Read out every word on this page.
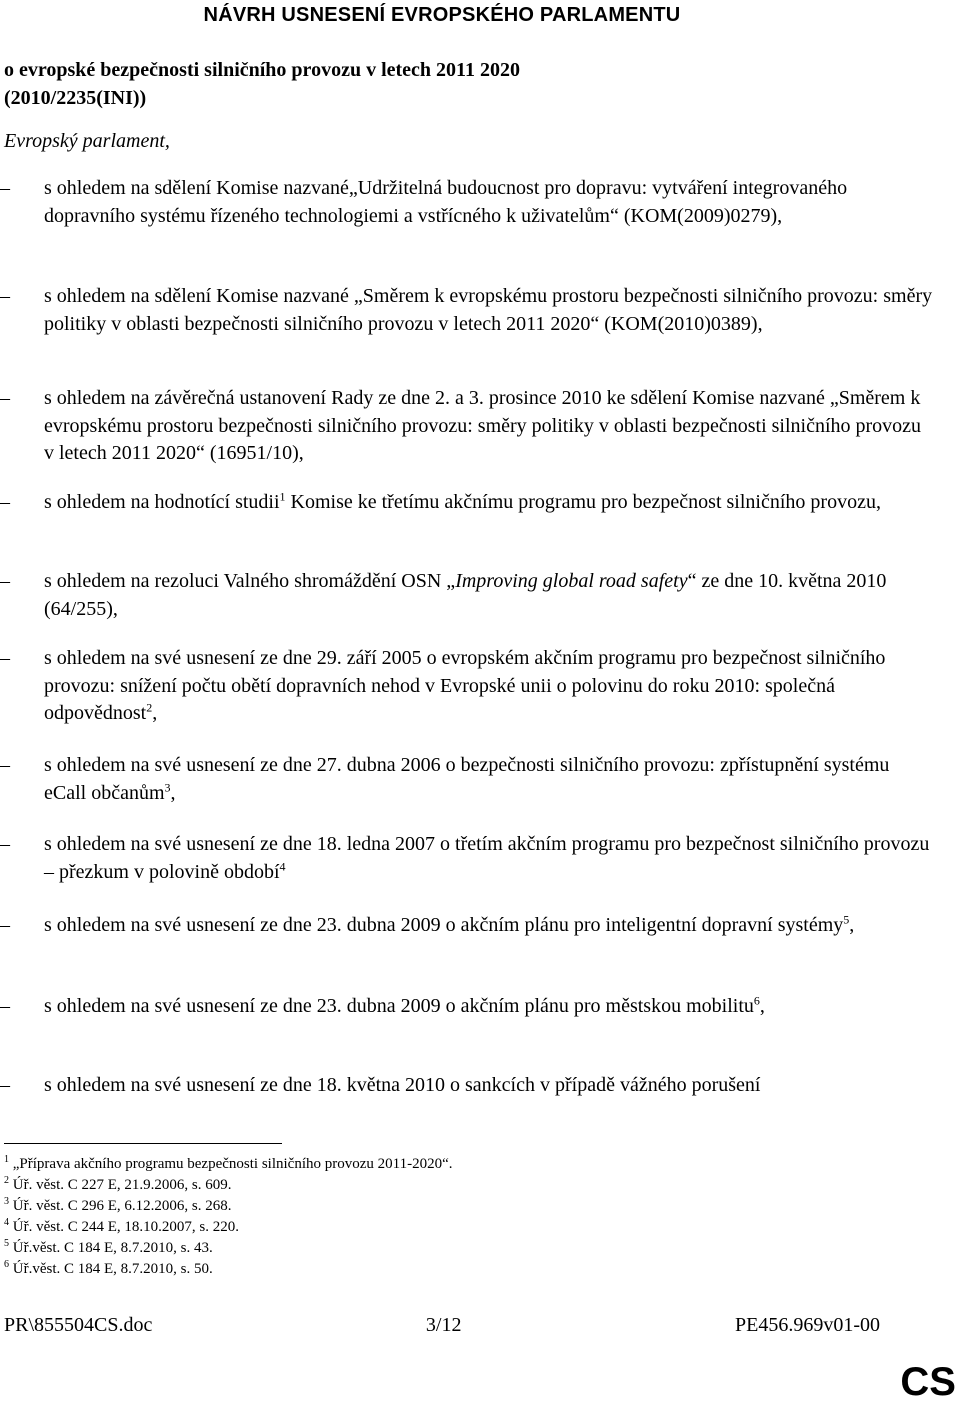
NÁVRH USNESENÍ EVROPSKÉHO PARLAMENTU
o evropské bezpečnosti silničního provozu v letech 2011 2020
(2010/2235(INI))
Evropský parlament,
–	s ohledem na sdělení Komise nazvané„Udržitelná budoucnost pro dopravu: vytváření integrovaného dopravního systému řízeného technologiemi a vstřícného k uživatelům“ (KOM(2009)0279),
–	s ohledem na sdělení Komise nazvané „Směrem k evropskému prostoru bezpečnosti silničního provozu: směry politiky v oblasti bezpečnosti silničního provozu v letech 2011 2020“ (KOM(2010)0389),
–	s ohledem na závěrečná ustanovení Rady ze dne 2. a 3. prosince 2010 ke sdělení Komise nazvané „Směrem k evropskému prostoru bezpečnosti silničního provozu: směry politiky v oblasti bezpečnosti silničního provozu v letech 2011 2020“ (16951/10),
–	s ohledem na hodnotící studii$^1$ Komise ke třetímu akčnímu programu pro bezpečnost silničního provozu,
–	s ohledem na rezoluci Valného shromáždění OSN „Improving global road safety“ ze dne 10. května 2010 (64/255),
–	s ohledem na své usnesení ze dne 29. září 2005 o evropském akčním programu pro bezpečnost silničního provozu: snížení počtu obětí dopravních nehod v Evropské unii o polovinu do roku 2010: společná odpovědnost$^2$,
–	s ohledem na své usnesení ze dne 27. dubna 2006 o bezpečnosti silničního provozu: zpřístupnění systému eCall občanům$^3$,
–	s ohledem na své usnesení ze dne 18. ledna 2007 o třetím akčním programu pro bezpečnost silničního provozu – přezkum v polovině období$^4$
–	s ohledem na své usnesení ze dne 23. dubna 2009 o akčním plánu pro inteligentní dopravní systémy$^5$,
–	s ohledem na své usnesení ze dne 23. dubna 2009 o akčním plánu pro městskou mobilitu$^6$,
–	s ohledem na své usnesení ze dne 18. května 2010 o sankcích v případě vážného porušení
$^1$ „Příprava akčního programu bezpečnosti silničního provozu 2011-2020“.
$^2$ Úř. věst. C 227 E, 21.9.2006, s. 609.
$^3$ Úř. věst. C 296 E, 6.12.2006, s. 268.
$^4$ Úř. věst. C 244 E, 18.10.2007, s. 220.
$^5$ Úř.věst. C 184 E, 8.7.2010, s. 43.
$^6$ Úř.věst. C 184 E, 8.7.2010, s. 50.
PR\855504CS.doc	3/12	PE456.969v01-00
CS
